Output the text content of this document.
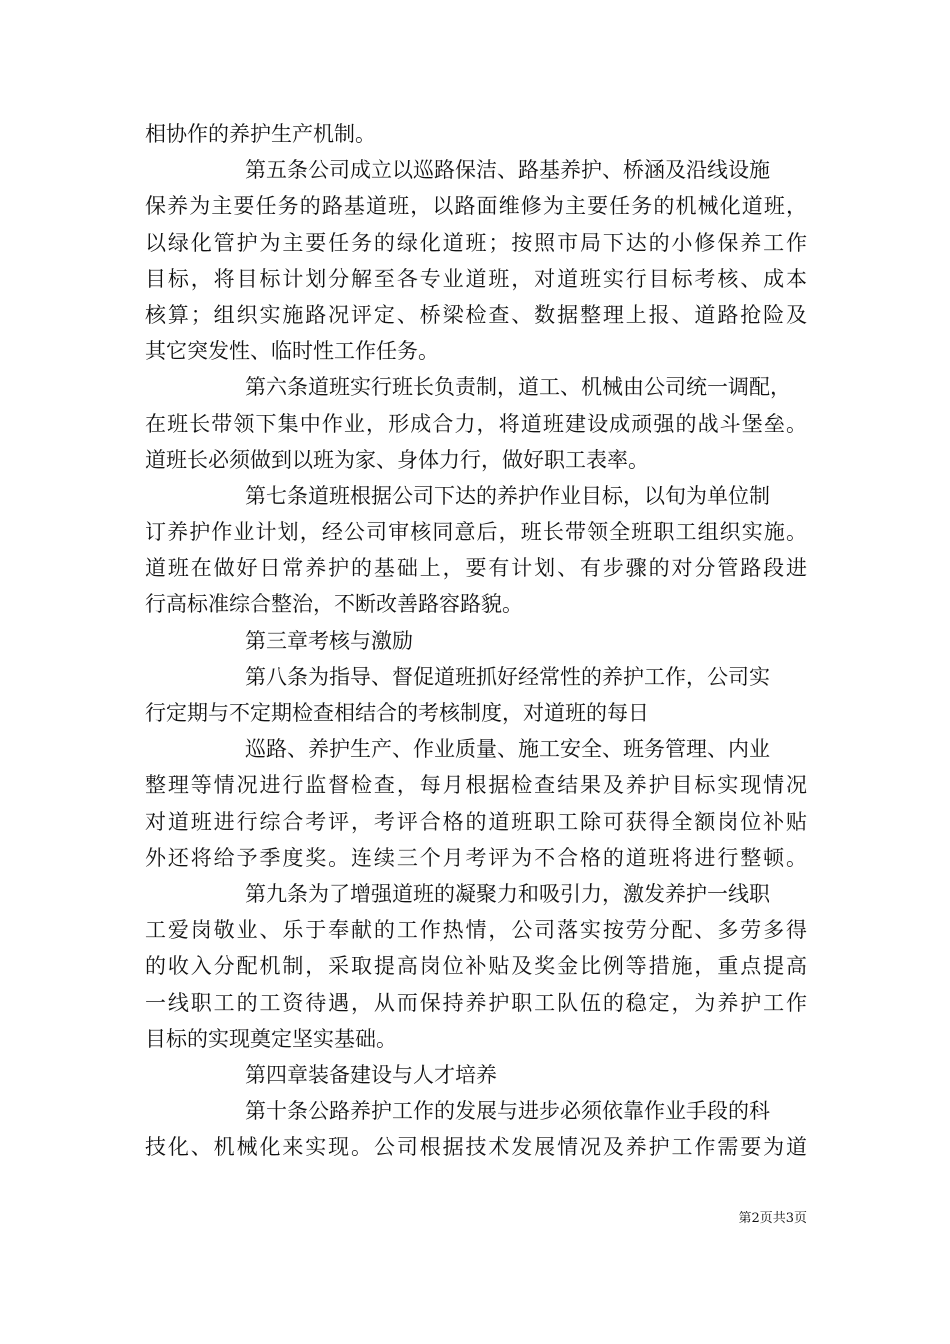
相协作的养护生产机制。
第五条公司成立以巡路保洁、路基养护、桥涵及沿线设施
保养为主要任务的路基道班，以路面维修为主要任务的机械化道班，
以绿化管护为主要任务的绿化道班；按照市局下达的小修保养工作
目标，将目标计划分解至各专业道班，对道班实行目标考核、成本
核算；组织实施路况评定、桥梁检查、数据整理上报、道路抢险及
其它突发性、临时性工作任务。
第六条道班实行班长负责制，道工、机械由公司统一调配，
在班长带领下集中作业，形成合力，将道班建设成顽强的战斗堡垒。
道班长必须做到以班为家、身体力行，做好职工表率。
第七条道班根据公司下达的养护作业目标，以旬为单位制
订养护作业计划，经公司审核同意后，班长带领全班职工组织实施。
道班在做好日常养护的基础上，要有计划、有步骤的对分管路段进
行高标准综合整治，不断改善路容路貌。
第三章考核与激励
第八条为指导、督促道班抓好经常性的养护工作，公司实
行定期与不定期检查相结合的考核制度，对道班的每日
巡路、养护生产、作业质量、施工安全、班务管理、内业
整理等情况进行监督检查，每月根据检查结果及养护目标实现情况
对道班进行综合考评，考评合格的道班职工除可获得全额岗位补贴
外还将给予季度奖。连续三个月考评为不合格的道班将进行整顿。
第九条为了增强道班的凝聚力和吸引力，激发养护一线职
工爱岗敬业、乐于奉献的工作热情，公司落实按劳分配、多劳多得
的收入分配机制，采取提高岗位补贴及奖金比例等措施，重点提高
一线职工的工资待遇，从而保持养护职工队伍的稳定，为养护工作
目标的实现奠定坚实基础。
第四章装备建设与人才培养
第十条公路养护工作的发展与进步必须依靠作业手段的科
技化、机械化来实现。公司根据技术发展情况及养护工作需要为道
第2页共3页
